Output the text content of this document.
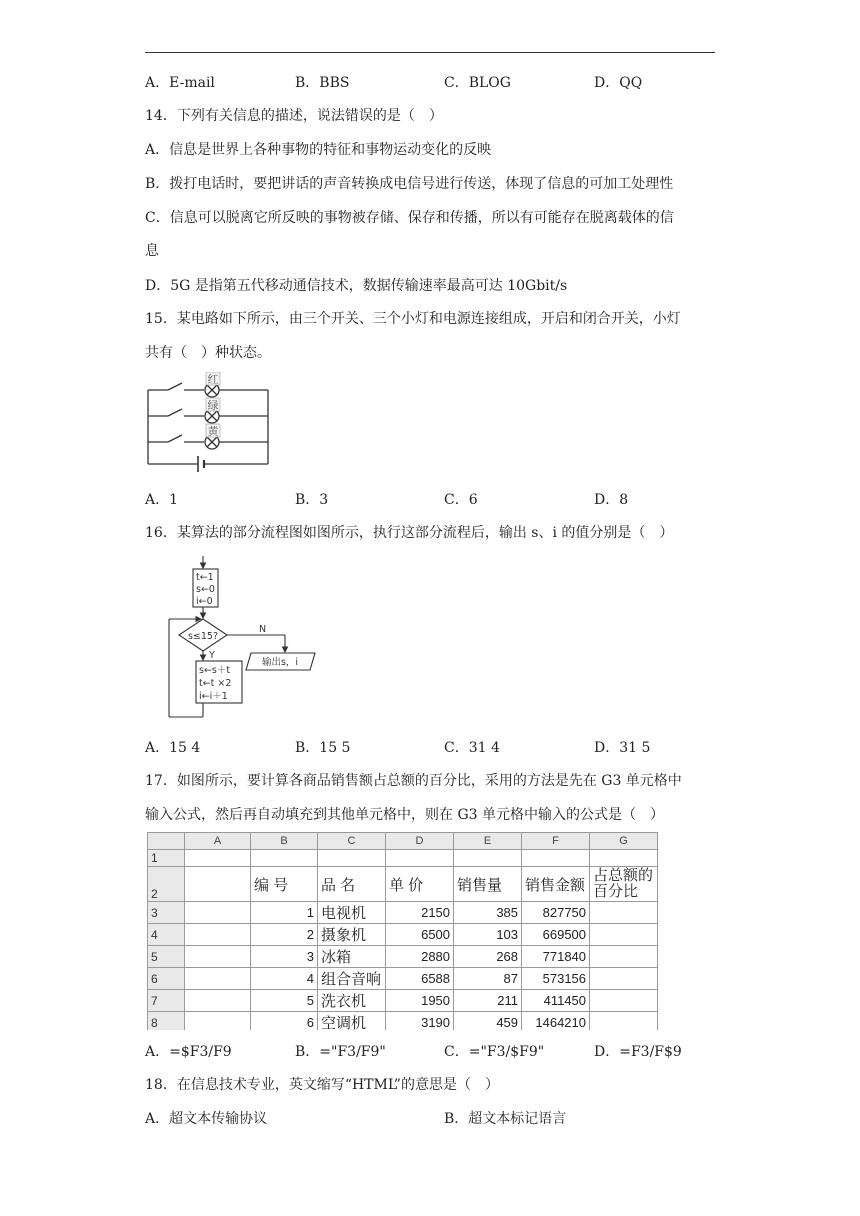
A．E-mail	B．BBS	C．BLOG	D．QQ
14．下列有关信息的描述，说法错误的是（　）
A．信息是世界上各种事物的特征和事物运动变化的反映
B．拨打电话时，要把讲话的声音转换成电信号进行传送，体现了信息的可加工处理性
C．信息可以脱离它所反映的事物被存储、保存和传播，所以有可能存在脱离载体的信
息
D．5G 是指第五代移动通信技术，数据传输速率最高可达 10Gbit/s
15．某电路如下所示，由三个开关、三个小灯和电源连接组成，开启和闭合开关，小灯
共有（　）种状态。
红
绿
黄
A．1	B．3	C．6	D．8
16．某算法的部分流程图如图所示，执行这部分流程后，输出 s、i 的值分别是（　）
t←1
s←0
i←0
s≤15?
N
Y
输出s，i
s←s＋t
t←t ×2
i←i＋1
A．15 4	B．15 5	C．31 4	D．31 5
17．如图所示，要计算各商品销售额占总额的百分比，采用的方法是先在 G3 单元格中
输入公式，然后再自动填充到其他单元格中，则在 G3 单元格中输入的公式是（　）
	A	B	C	D	E	F	G
1							
2		编 号	品 名	单 价	销售量	销售金额	占总额的
百分比
3		1	电视机	2150	385	827750	
4		2	摄象机	6500	103	669500	
5		3	冰箱	2880	268	771840	
6		4	组合音响	6588	87	573156	
7		5	洗衣机	1950	211	411450	
8		6	空调机	3190	459	1464210	

A．=$F3/F9	B．="F3/F9"	C．="F3/$F9"	D．=F3/F$9
18．在信息技术专业，英文缩写“HTML”的意思是（　）
A．超文本传输协议	B．超文本标记语言
